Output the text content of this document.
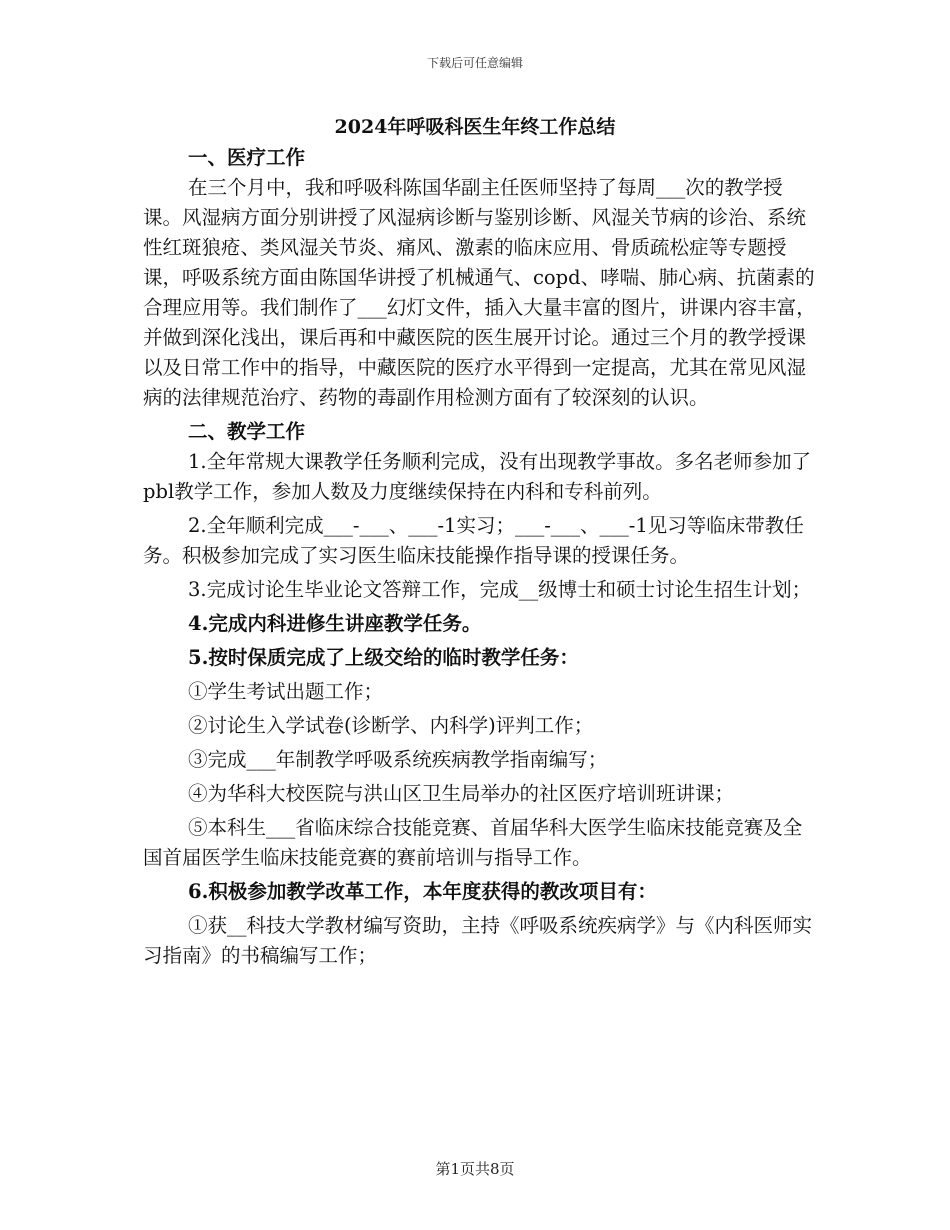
下载后可任意编辑
2024年呼吸科医生年终工作总结

一、医疗工作

在三个月中，我和呼吸科陈国华副主任医师坚持了每周___次的教学授课。风湿病方面分别讲授了风湿病诊断与鉴别诊断、风湿关节病的诊治、系统性红斑狼疮、类风湿关节炎、痛风、激素的临床应用、骨质疏松症等专题授课，呼吸系统方面由陈国华讲授了机械通气、copd、哮喘、肺心病、抗菌素的合理应用等。我们制作了___幻灯文件，插入大量丰富的图片，讲课内容丰富，并做到深化浅出，课后再和中藏医院的医生展开讨论。通过三个月的教学授课以及日常工作中的指导，中藏医院的医疗水平得到一定提高，尤其在常见风湿病的法律规范治疗、药物的毒副作用检测方面有了较深刻的认识。

二、教学工作

1.全年常规大课教学任务顺利完成，没有出现教学事故。多名老师参加了pbl教学工作，参加人数及力度继续保持在内科和专科前列。

2.全年顺利完成___-___、___-1实习；___-___、___-1见习等临床带教任务。积极参加完成了实习医生临床技能操作指导课的授课任务。

3.完成讨论生毕业论文答辩工作，完成__级博士和硕士讨论生招生计划；

4.完成内科进修生讲座教学任务。

5.按时保质完成了上级交给的临时教学任务：

①学生考试出题工作；

②讨论生入学试卷(诊断学、内科学)评判工作；

③完成___年制教学呼吸系统疾病教学指南编写；

④为华科大校医院与洪山区卫生局举办的社区医疗培训班讲课；

⑤本科生___省临床综合技能竞赛、首届华科大医学生临床技能竞赛及全国首届医学生临床技能竞赛的赛前培训与指导工作。

6.积极参加教学改革工作，本年度获得的教改项目有：

①获__科技大学教材编写资助，主持《呼吸系统疾病学》与《内科医师实习指南》的书稿编写工作；

第1页共8页
